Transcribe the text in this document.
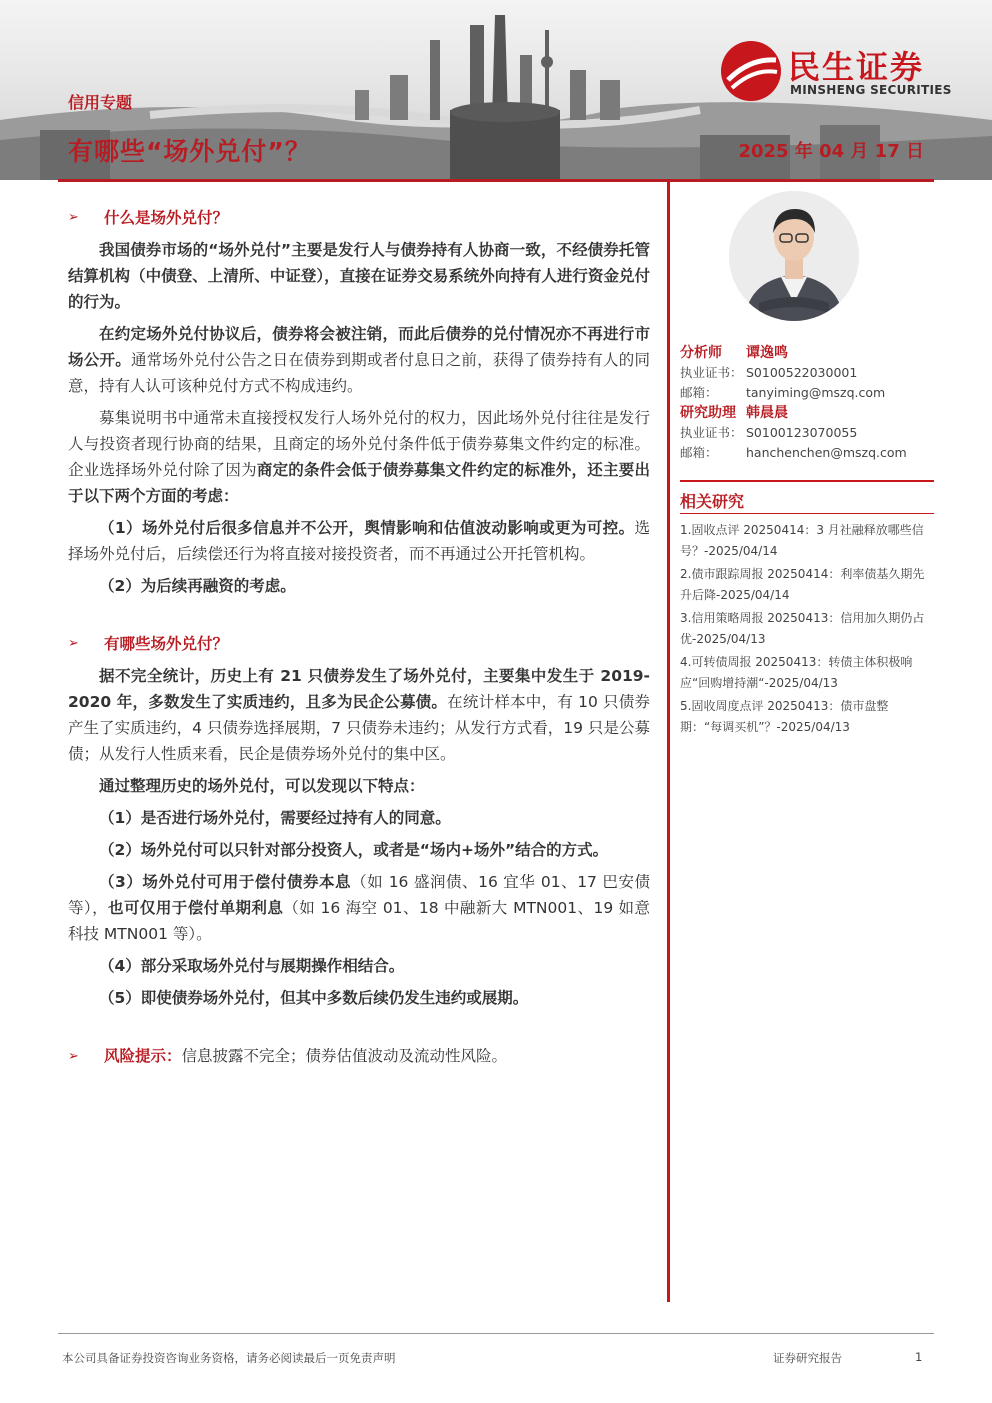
民生证券
MINSHENG SECURITIES
信用专题
有哪些“场外兑付”？	2025 年 04 月 17 日
➢	什么是场外兑付？

我国债券市场的“场外兑付”主要是发行人与债券持有人协商一致，不经债券托管结算机构（中债登、上清所、中证登），直接在证券交易系统外向持有人进行资金兑付的行为。

在约定场外兑付协议后，债券将会被注销，而此后债券的兑付情况亦不再进行市场公开。通常场外兑付公告之日在债券到期或者付息日之前，获得了债券持有人的同意，持有人认可该种兑付方式不构成违约。

募集说明书中通常未直接授权发行人场外兑付的权力，因此场外兑付往往是发行人与投资者现行协商的结果，且商定的场外兑付条件低于债券募集文件约定的标准。企业选择场外兑付除了因为商定的条件会低于债券募集文件约定的标准外，还主要出于以下两个方面的考虑：

（1）场外兑付后很多信息并不公开，舆情影响和估值波动影响或更为可控。选择场外兑付后，后续偿还行为将直接对接投资者，而不再通过公开托管机构。

（2）为后续再融资的考虑。

➢	有哪些场外兑付？

据不完全统计，历史上有 21 只债券发生了场外兑付，主要集中发生于 2019-2020 年，多数发生了实质违约，且多为民企公募债。在统计样本中，有 10 只债券产生了实质违约，4 只债券选择展期，7 只债券未违约；从发行方式看，19 只是公募债；从发行人性质来看，民企是债券场外兑付的集中区。

通过整理历史的场外兑付，可以发现以下特点：

（1）是否进行场外兑付，需要经过持有人的同意。

（2）场外兑付可以只针对部分投资人，或者是“场内+场外”结合的方式。

（3）场外兑付可用于偿付债券本息（如 16 盛润债、16 宜华 01、17 巴安债等），也可仅用于偿付单期利息（如 16 海空 01、18 中融新大 MTN001、19 如意科技 MTN001 等）。

（4）部分采取场外兑付与展期操作相结合。

（5）即使债券场外兑付，但其中多数后续仍发生违约或展期。

➢	风险提示：信息披露不完全；债券估值波动及流动性风险。
分析师	谭逸鸣
执业证书： S0100522030001
邮箱：	tanyiming@mszq.com
研究助理 韩晨晨
执业证书： S0100123070055
邮箱：	hanchenchen@mszq.com
相关研究
1.固收点评 20250414：3 月社融释放哪些信号？-2025/04/14
2.债市跟踪周报 20250414：利率债基久期先升后降-2025/04/14
3.信用策略周报 20250413：信用加久期仍占优-2025/04/13
4.可转债周报 20250413：转债主体积极响应“回购增持潮“-2025/04/13
5.固收周度点评 20250413：债市盘整期：“每调买机”？-2025/04/13
本公司具备证券投资咨询业务资格，请务必阅读最后一页免责声明	证券研究报告	1
